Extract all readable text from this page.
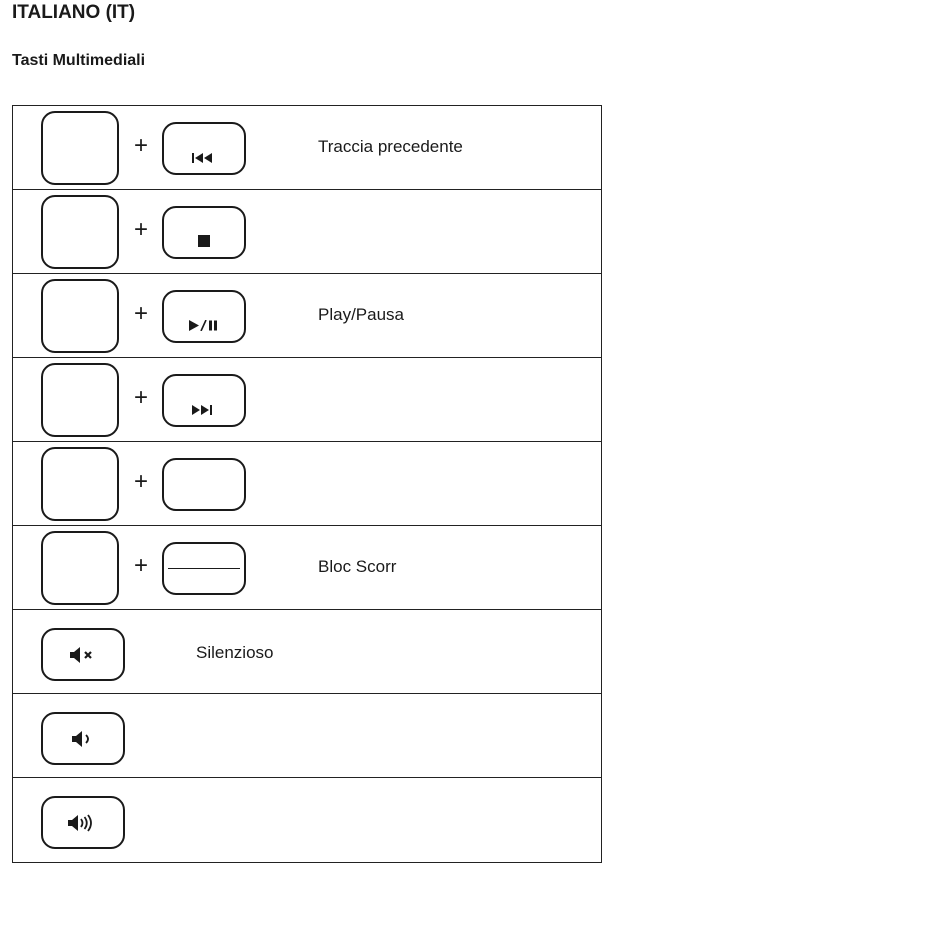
ITALIANO (IT)
Tasti Multimediali
+	Traccia precedente
+
+	Play/Pausa
+
+
+	Bloc Scorr
Silenzioso
